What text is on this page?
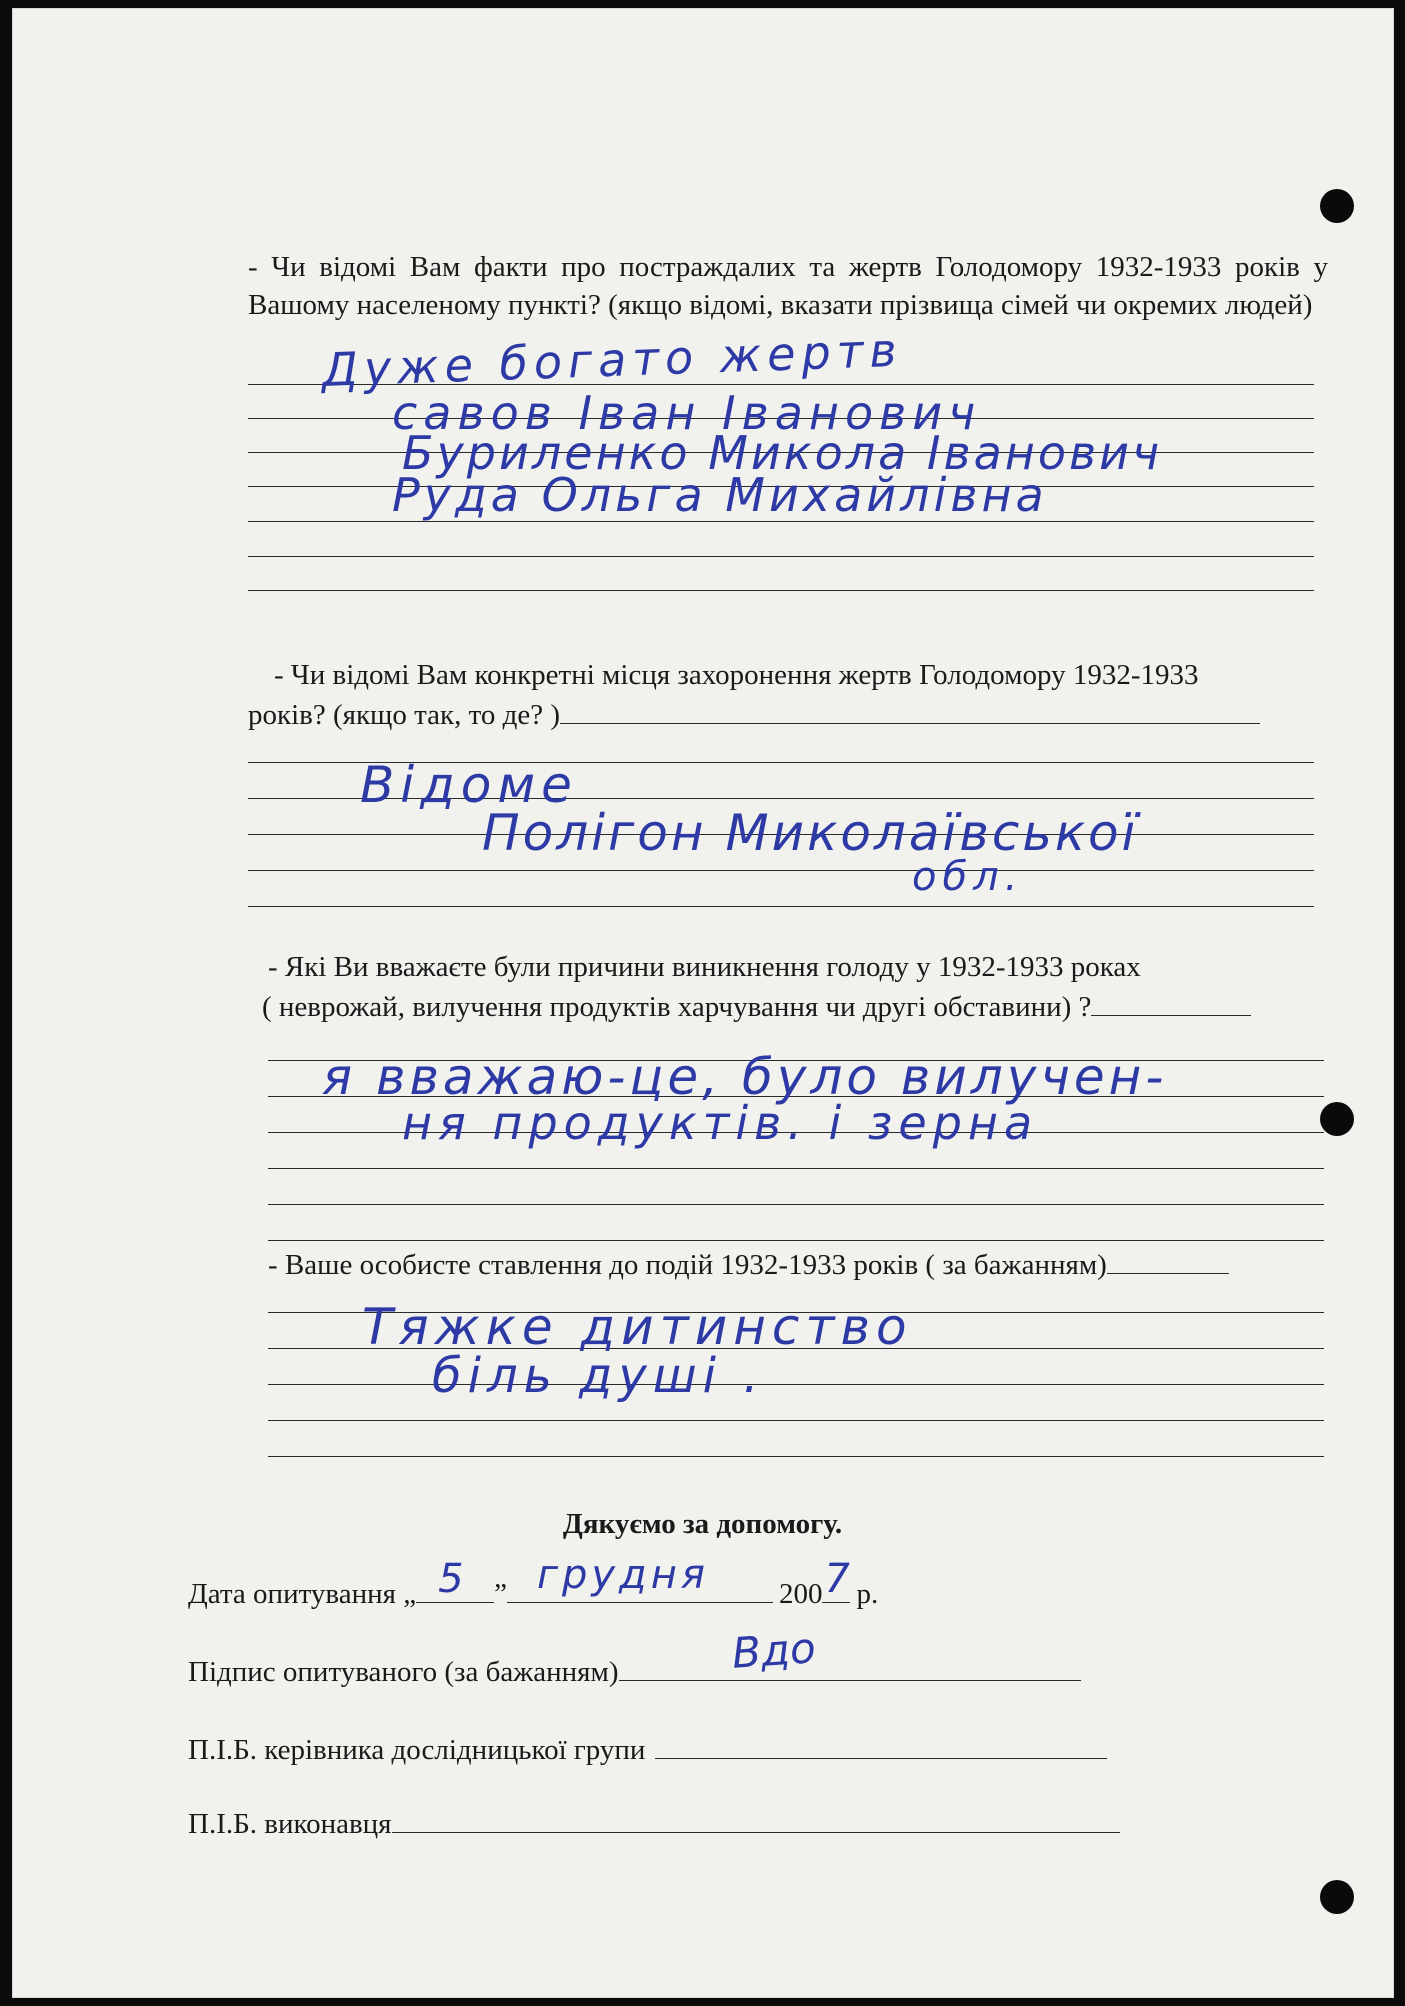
- Чи відомі Вам факти про постраждалих та жертв Голодомору 1932-1933 років у Вашому населеному пункті? (якщо відомі, вказати прізвища сімей чи окремих людей)
Дуже богато жертв
савов Іван Іванович
Буриленко Микола Іванович
Руда Ольга Михайлівна
- Чи відомі Вам конкретні місця захоронення жертв Голодомору 1932-1933
років? (якщо так, то де? )
Відоме
Полігон Миколаївської
обл.
- Які Ви вважаєте були причини виникнення голоду у 1932-1933 роках
( неврожай, вилучення продуктів харчування чи другі обставини) ?
я вважаю-це, було вилучен-
ня продуктів. і зерна
- Ваше особисте ставлення до подій 1932-1933 років ( за бажанням)
Тяжке дитинство
біль душі .
Дякуємо за допомогу.
Дата опитування „ 5 ” грудня 200 7 р.
Підпис опитуваного (за бажанням)	Вдо
П.І.Б. керівника дослідницької групи
П.І.Б. виконавця
